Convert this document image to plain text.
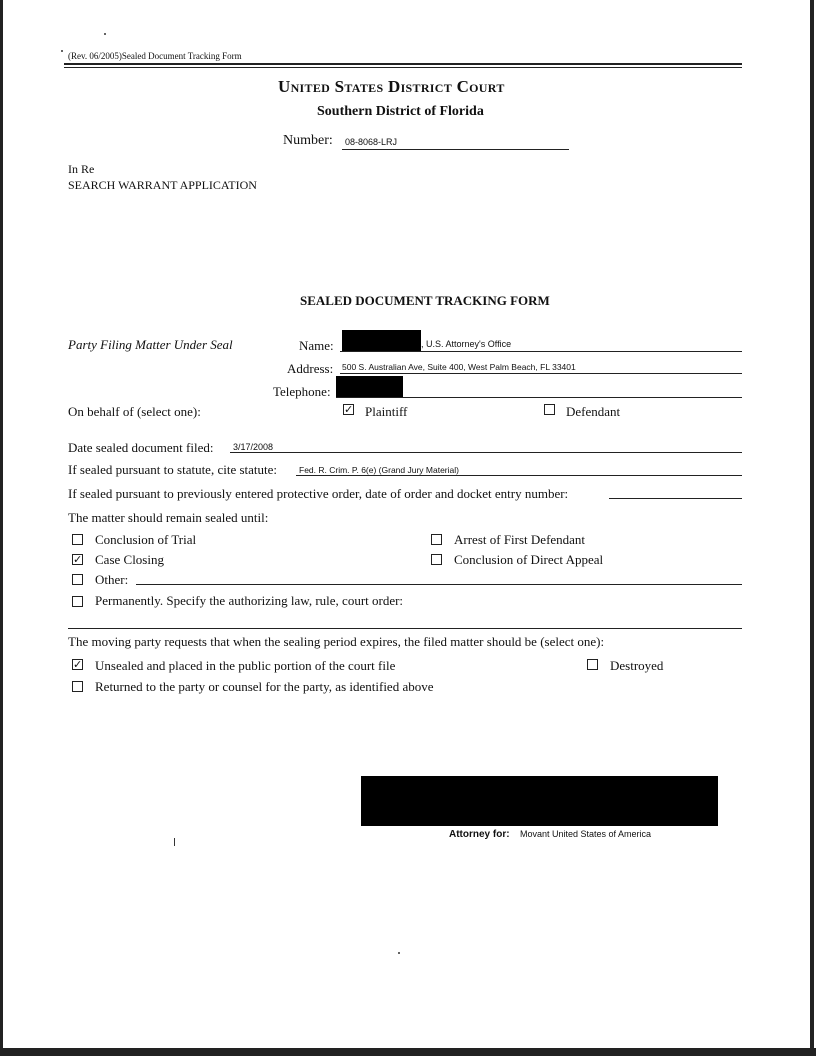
(Rev. 06/2005)Sealed Document Tracking Form
United States District Court
Southern District of Florida
Number: 08-8068-LRJ
In Re
SEARCH WARRANT APPLICATION
SEALED DOCUMENT TRACKING FORM
Party Filing Matter Under Seal	Name:	, U.S. Attorney's Office
Address: 500 S. Australian Ave, Suite 400, West Palm Beach, FL 33401
Telephone:
On behalf of (select one):	✓ Plaintiff	Defendant
Date sealed document filed: 3/17/2008
If sealed pursuant to statute, cite statute:	Fed. R. Crim. P. 6(e) (Grand Jury Material)
If sealed pursuant to previously entered protective order, date of order and docket entry number:
The matter should remain sealed until:
Conclusion of Trial	Arrest of First Defendant
✓ Case Closing	Conclusion of Direct Appeal
Other:
Permanently. Specify the authorizing law, rule, court order:
The moving party requests that when the sealing period expires, the filed matter should be (select one):
✓ Unsealed and placed in the public portion of the court file	Destroyed
Returned to the party or counsel for the party, as identified above
Attorney for: Movant United States of America
